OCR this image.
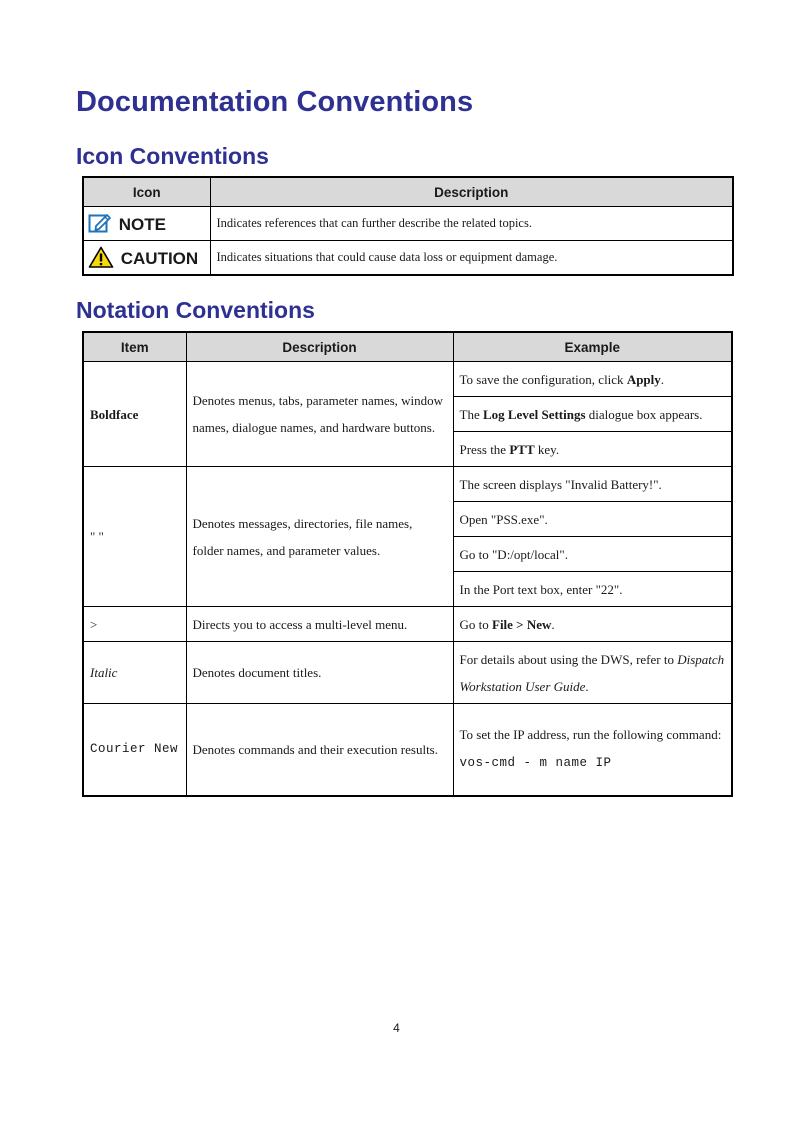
Documentation Conventions
Icon Conventions
Icon	Description
NOTE	Indicates references that can further describe the related topics.
CAUTION	Indicates situations that could cause data loss or equipment damage.
Notation Conventions
Item	Description	Example
Boldface	Denotes menus, tabs, parameter names, window names, dialogue names, and hardware buttons.	To save the configuration, click Apply.
		The Log Level Settings dialogue box appears.
		Press the PTT key.
" "	Denotes messages, directories, file names, folder names, and parameter values.	The screen displays "Invalid Battery!".
		Open "PSS.exe".
		Go to "D:/opt/local".
		In the Port text box, enter "22".
>	Directs you to access a multi-level menu.	Go to File > New.
Italic	Denotes document titles.	For details about using the DWS, refer to Dispatch Workstation User Guide.
Courier New	Denotes commands and their execution results.	To set the IP address, run the following command:
vos-cmd - m name IP
4
